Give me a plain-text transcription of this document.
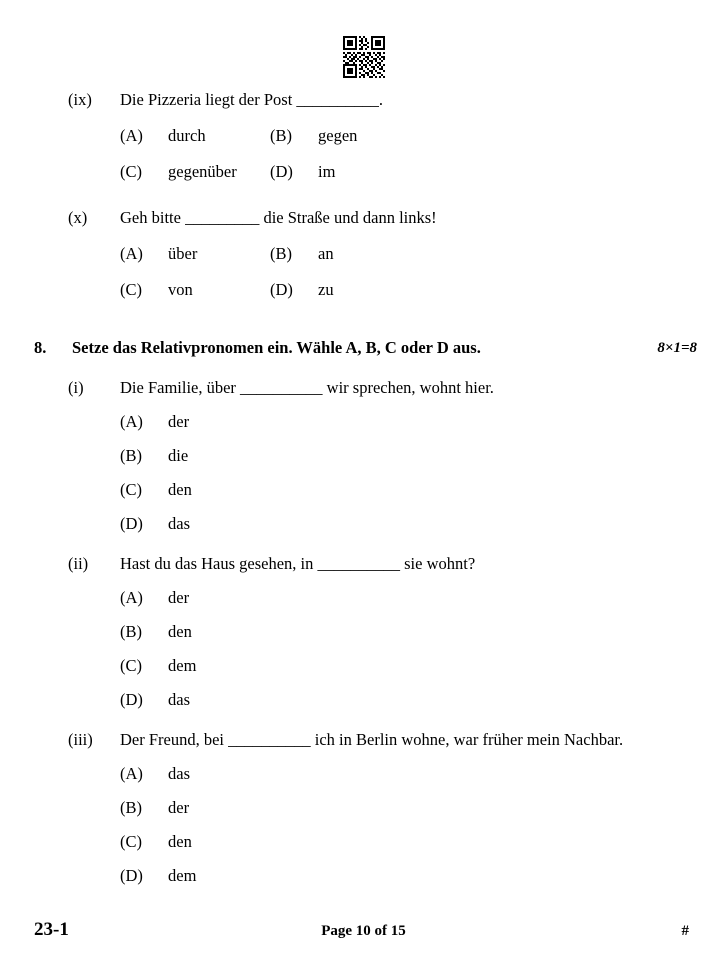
(ix)	Die Pizzeria liegt der Post __________.
(A)	durch	(B)	gegen
(C)	gegenüber (D)	im
(x)	Geh bitte _________ die Straße und dann links!
(A)	über	(B)	an
(C)	von	(D)	zu
8.	Setze das Relativpronomen ein. Wähle A, B, C oder D aus.	8×1=8
(i)	Die Familie, über __________ wir sprechen, wohnt hier.
(A)	der
(B)	die
(C)	den
(D)	das
(ii)	Hast du das Haus gesehen, in __________ sie wohnt?
(A)	der
(B)	den
(C)	dem
(D)	das
(iii)	Der Freund, bei __________ ich in Berlin wohne, war früher mein Nachbar.
(A)	das
(B)	der
(C)	den
(D)	dem
23-1	Page 10 of 15	#
